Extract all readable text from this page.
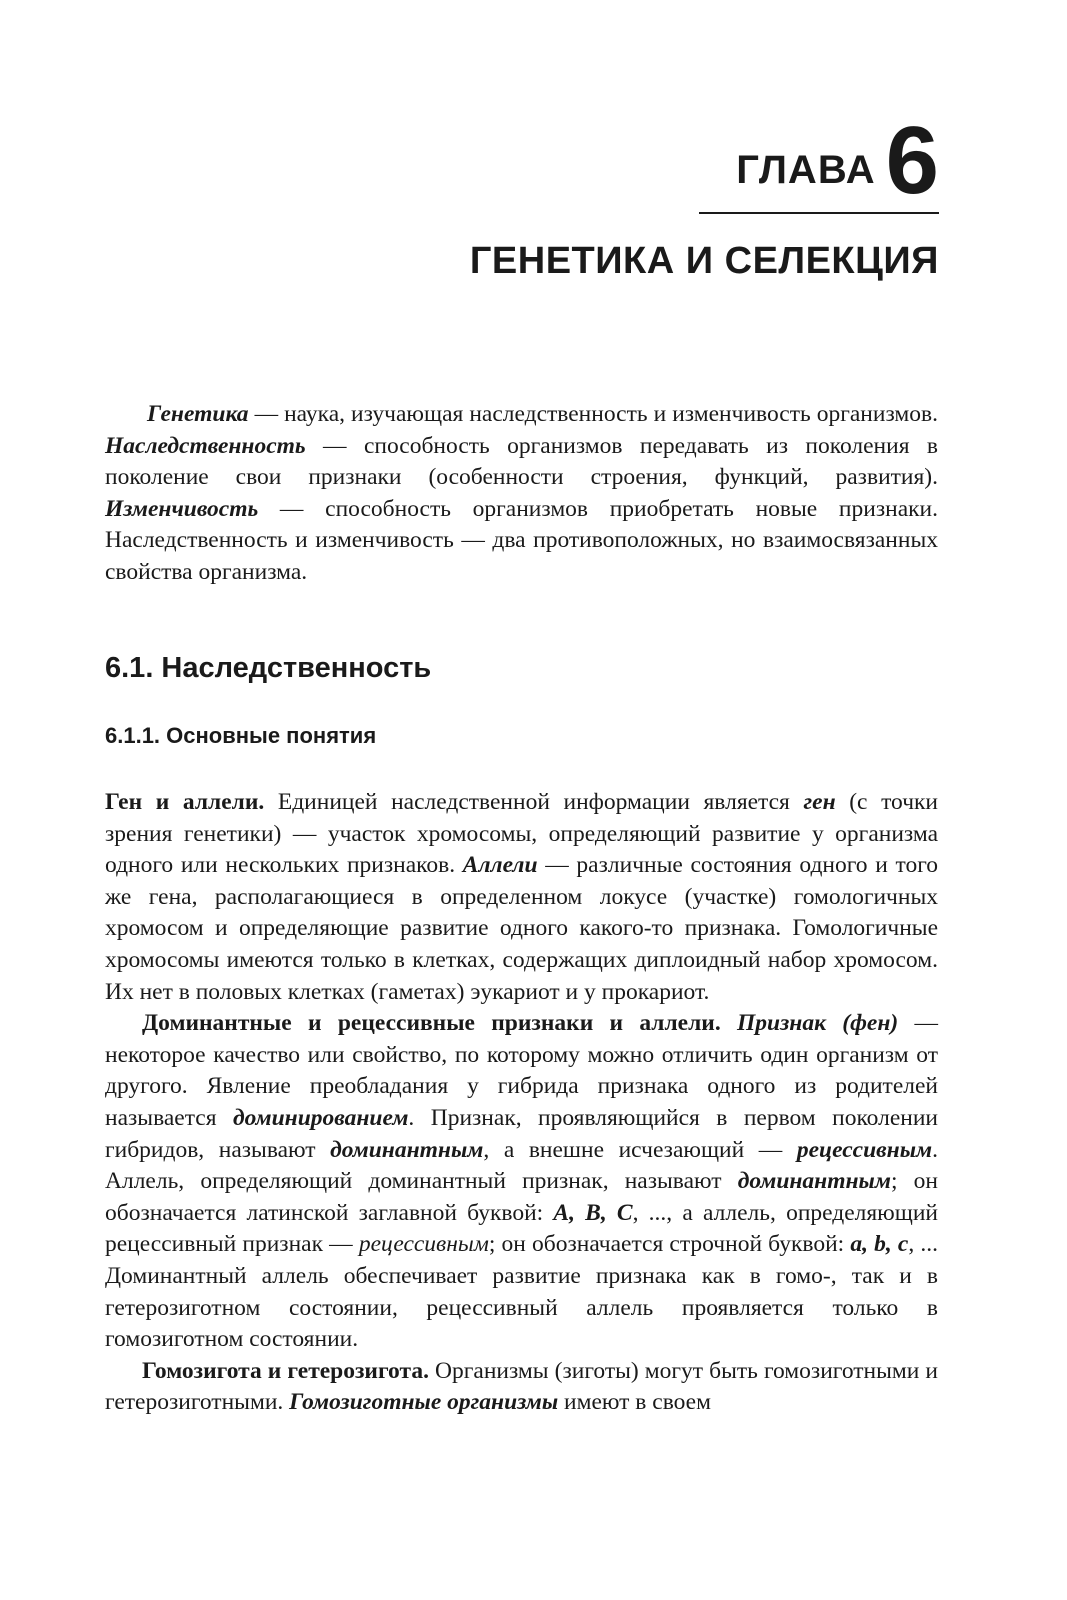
ГЛАВА 6
ГЕНЕТИКА И СЕЛЕКЦИЯ

Генетика — наука, изучающая наследственность и изменчивость организмов. Наследственность — способность организмов передавать из поколения в поколение свои признаки (особенности строения, функций, развития). Изменчивость — способность организмов приобретать новые признаки. Наследственность и изменчивость — два противоположных, но взаимосвязанных свойства организма.

6.1. Наследственность
6.1.1. Основные понятия

Ген и аллели. Единицей наследственной информации является ген (с точки зрения генетики) — участок хромосомы, определяющий развитие у организма одного или нескольких признаков. Аллели — различные состояния одного и того же гена, располагающиеся в определенном локусе (участке) гомологичных хромосом и определяющие развитие одного какого-то признака. Гомологичные хромосомы имеются только в клетках, содержащих диплоидный набор хромосом. Их нет в половых клетках (гаметах) эукариот и у прокариот.

Доминантные и рецессивные признаки и аллели. Признак (фен) — некоторое качество или свойство, по которому можно отличить один организм от другого. Явление преобладания у гибрида признака одного из родителей называется доминированием. Признак, проявляющийся в первом поколении гибридов, называют доминантным, а внешне исчезающий — рецессивным. Аллель, определяющий доминантный признак, называют доминантным; он обозначается латинской заглавной буквой: А, В, С, ..., а аллель, определяющий рецессивный признак — рецессивным; он обозначается строчной буквой: a, b, c, ... Доминантный аллель обеспечивает развитие признака как в гомо-, так и в гетерозиготном состоянии, рецессивный аллель проявляется только в гомозиготном состоянии.

Гомозигота и гетерозигота. Организмы (зиготы) могут быть гомозиготными и гетерозиготными. Гомозиготные организмы имеют в своем
